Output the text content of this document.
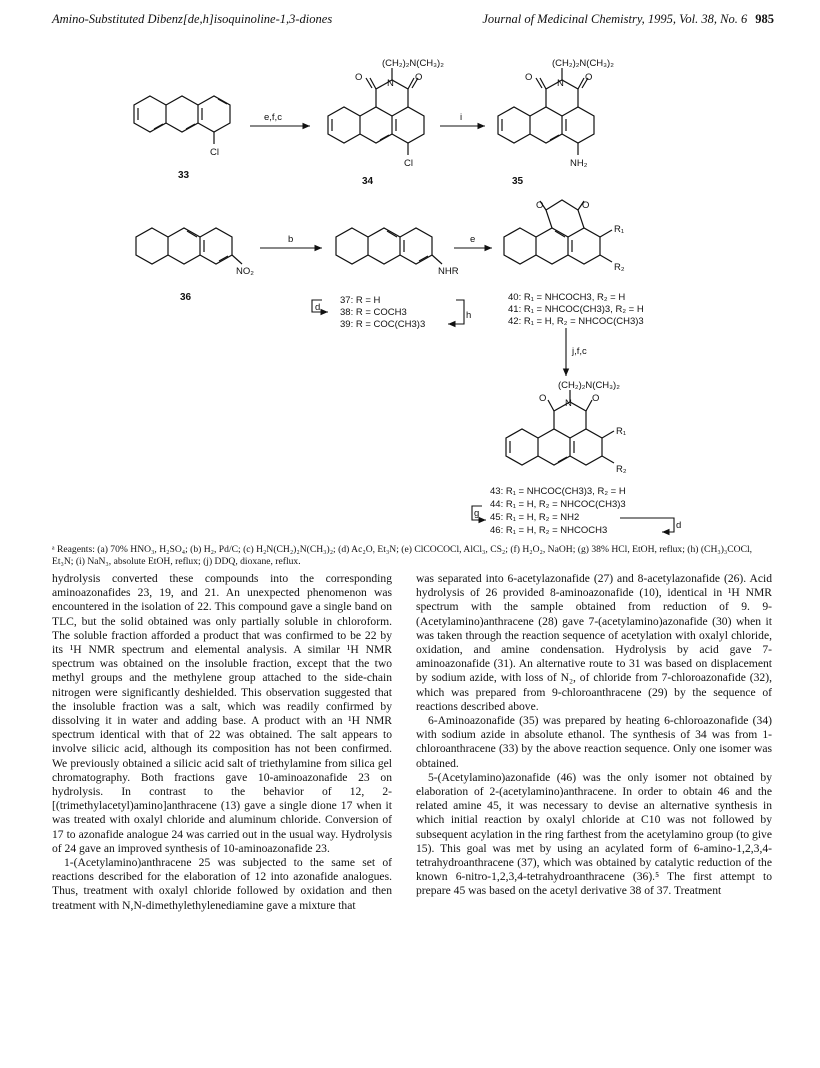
Amino-Substituted Dibenz[de,h]isoquinoline-1,3-diones	Journal of Medicinal Chemistry, 1995, Vol. 38, No. 6 985
(CH₂)₂N(CH₃)₂
O	O
N
Cl
Cl
(CH₂)₂N(CH₃)₂
O	O
N
NH₂
NO₂	NHR
O	O
R₁
R₂
(CH₂)₂N(CH₃)₂
O	O
N
R₁
R₂
e,f,c	i
b	e
j,f,c
d
h
g
d
33
34	35
36	37: R = H
38: R = COCH3
39: R = COC(CH3)3
40: R₁ = NHCOCH3, R₂ = H
41: R₁ = NHCOC(CH3)3, R₂ = H
42: R₁ = H, R₂ = NHCOC(CH3)3
43: R₁ = NHCOC(CH3)3, R₂ = H
44: R₁ = H, R₂ = NHCOC(CH3)3
45: R₁ = H, R₂ = NH2
46: R₁ = H, R₂ = NHCOCH3
ᵃ Reagents: (a) 70% HNO₃, H₂SO₄; (b) H₂, Pd/C; (c) H₂N(CH₂)₂N(CH₃)₂; (d) Ac₂O, Et₃N; (e) ClCOCOCl, AlCl₃, CS₂; (f) H₂O₂, NaOH; (g) 38% HCl, EtOH, reflux; (h) (CH₃)₃COCl, Et₃N; (i) NaN₃, absolute EtOH, reflux; (j) DDQ, dioxane, reflux.

hydrolysis converted these compounds into the corresponding aminoazonafides 23, 19, and 21. An unexpected phenomenon was encountered in the isolation of 22. This compound gave a single band on TLC, but the solid obtained was only partially soluble in chloroform. The soluble fraction afforded a product that was confirmed to be 22 by its ¹H NMR spectrum and elemental analysis. A similar ¹H NMR spectrum was obtained on the insoluble fraction, except that the two methyl groups and the methylene group attached to the side-chain nitrogen were significantly deshielded. This observation suggested that the insoluble fraction was a salt, which was readily confirmed by dissolving it in water and adding base. A product with an ¹H NMR spectrum identical with that of 22 was obtained. The salt appears to involve silicic acid, although its composition has not been confirmed. We previously obtained a silicic acid salt of triethylamine from silica gel chromatography. Both fractions gave 10-aminoazonafide 23 on hydrolysis. In contrast to the behavior of 12, 2-[(trimethylacetyl)amino]anthracene (13) gave a single dione 17 when it was treated with oxalyl chloride and aluminum chloride. Conversion of 17 to azonafide analogue 24 was carried out in the usual way. Hydrolysis of 24 gave an improved synthesis of 10-aminoazonafide 23.

1-(Acetylamino)anthracene 25 was subjected to the same set of reactions described for the elaboration of 12 into azonafide analogues. Thus, treatment with oxalyl chloride followed by oxidation and then treatment with N,N-dimethylethylenediamine gave a mixture that

was separated into 6-acetylazonafide (27) and 8-acetylazonafide (26). Acid hydrolysis of 26 provided 8-aminoazonafide (10), identical in ¹H NMR spectrum with the sample obtained from reduction of 9. 9-(Acetylamino)anthracene (28) gave 7-(acetylamino)azonafide (30) when it was taken through the reaction sequence of acetylation with oxalyl chloride, oxidation, and amine condensation. Hydrolysis by acid gave 7-aminoazonafide (31). An alternative route to 31 was based on displacement by sodium azide, with loss of N₂, of chloride from 7-chloroazonafide (32), which was prepared from 9-chloroanthracene (29) by the sequence of reactions described above.

6-Aminoazonafide (35) was prepared by heating 6-chloroazonafide (34) with sodium azide in absolute ethanol. The synthesis of 34 was from 1-chloroanthracene (33) by the above reaction sequence. Only one isomer was obtained.

5-(Acetylamino)azonafide (46) was the only isomer not obtained by elaboration of 2-(acetylamino)anthracene. In order to obtain 46 and the related amine 45, it was necessary to devise an alternative synthesis in which initial reaction by oxalyl chloride at C10 was not followed by subsequent acylation in the ring farthest from the acetylamino group (to give 15). This goal was met by using an acylated form of 6-amino-1,2,3,4-tetrahydroanthracene (37), which was obtained by catalytic reduction of the known 6-nitro-1,2,3,4-tetrahydroanthracene (36).⁵ The first attempt to prepare 45 was based on the acetyl derivative 38 of 37. Treatment
